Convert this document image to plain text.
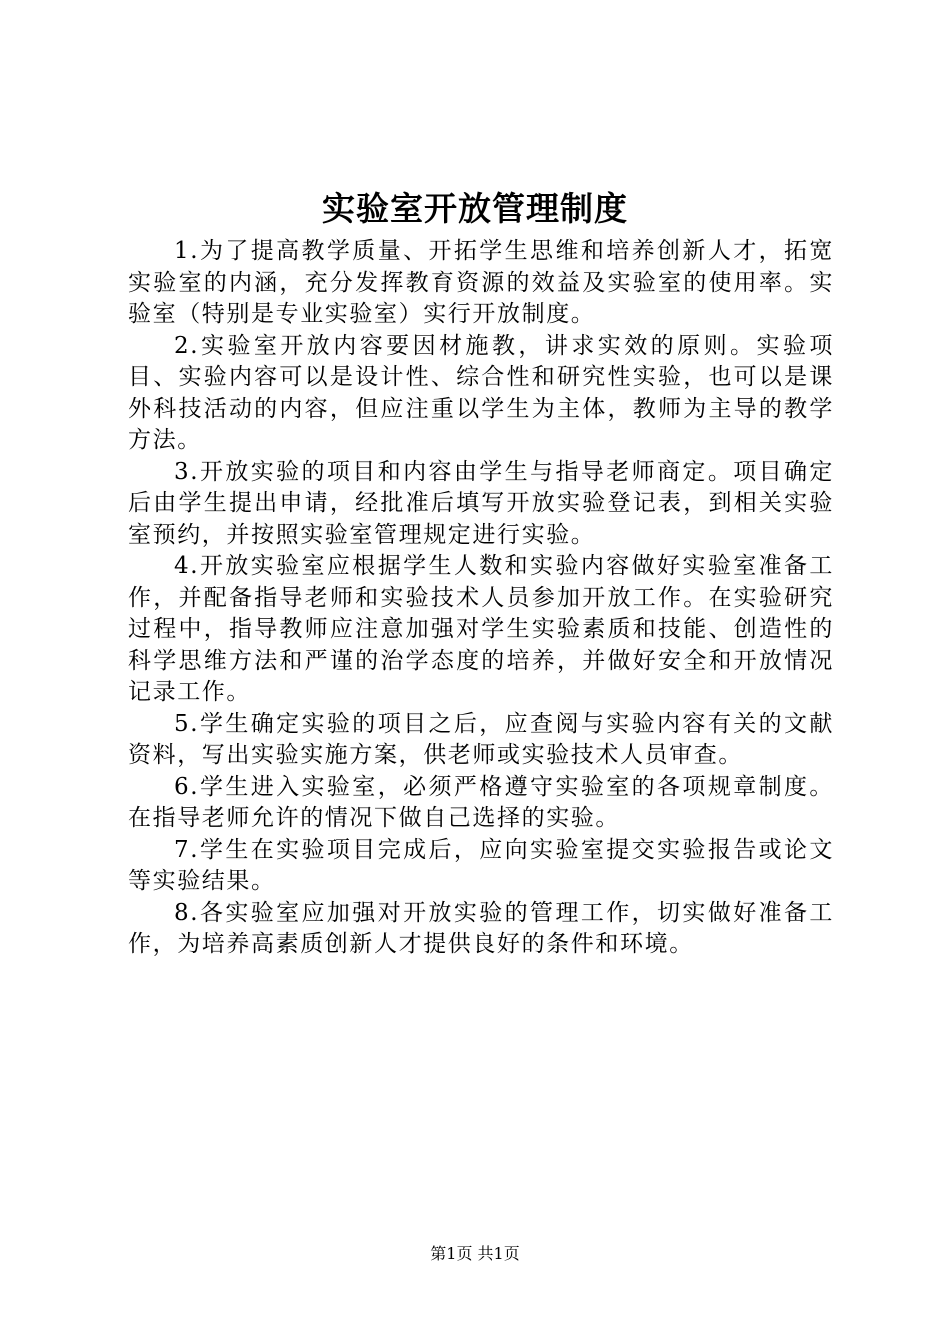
实验室开放管理制度

1.为了提高教学质量、开拓学生思维和培养创新人才，拓宽实验室的内涵，充分发挥教育资源的效益及实验室的使用率。实验室（特别是专业实验室）实行开放制度。

2.实验室开放内容要因材施教，讲求实效的原则。实验项目、实验内容可以是设计性、综合性和研究性实验，也可以是课外科技活动的内容，但应注重以学生为主体，教师为主导的教学方法。

3.开放实验的项目和内容由学生与指导老师商定。项目确定后由学生提出申请，经批准后填写开放实验登记表，到相关实验室预约，并按照实验室管理规定进行实验。

4.开放实验室应根据学生人数和实验内容做好实验室准备工作，并配备指导老师和实验技术人员参加开放工作。在实验研究过程中，指导教师应注意加强对学生实验素质和技能、创造性的科学思维方法和严谨的治学态度的培养，并做好安全和开放情况记录工作。

5.学生确定实验的项目之后，应查阅与实验内容有关的文献资料，写出实验实施方案，供老师或实验技术人员审查。

6.学生进入实验室，必须严格遵守实验室的各项规章制度。在指导老师允许的情况下做自己选择的实验。

7.学生在实验项目完成后，应向实验室提交实验报告或论文等实验结果。

8.各实验室应加强对开放实验的管理工作，切实做好准备工作，为培养高素质创新人才提供良好的条件和环境。

第1页 共1页
